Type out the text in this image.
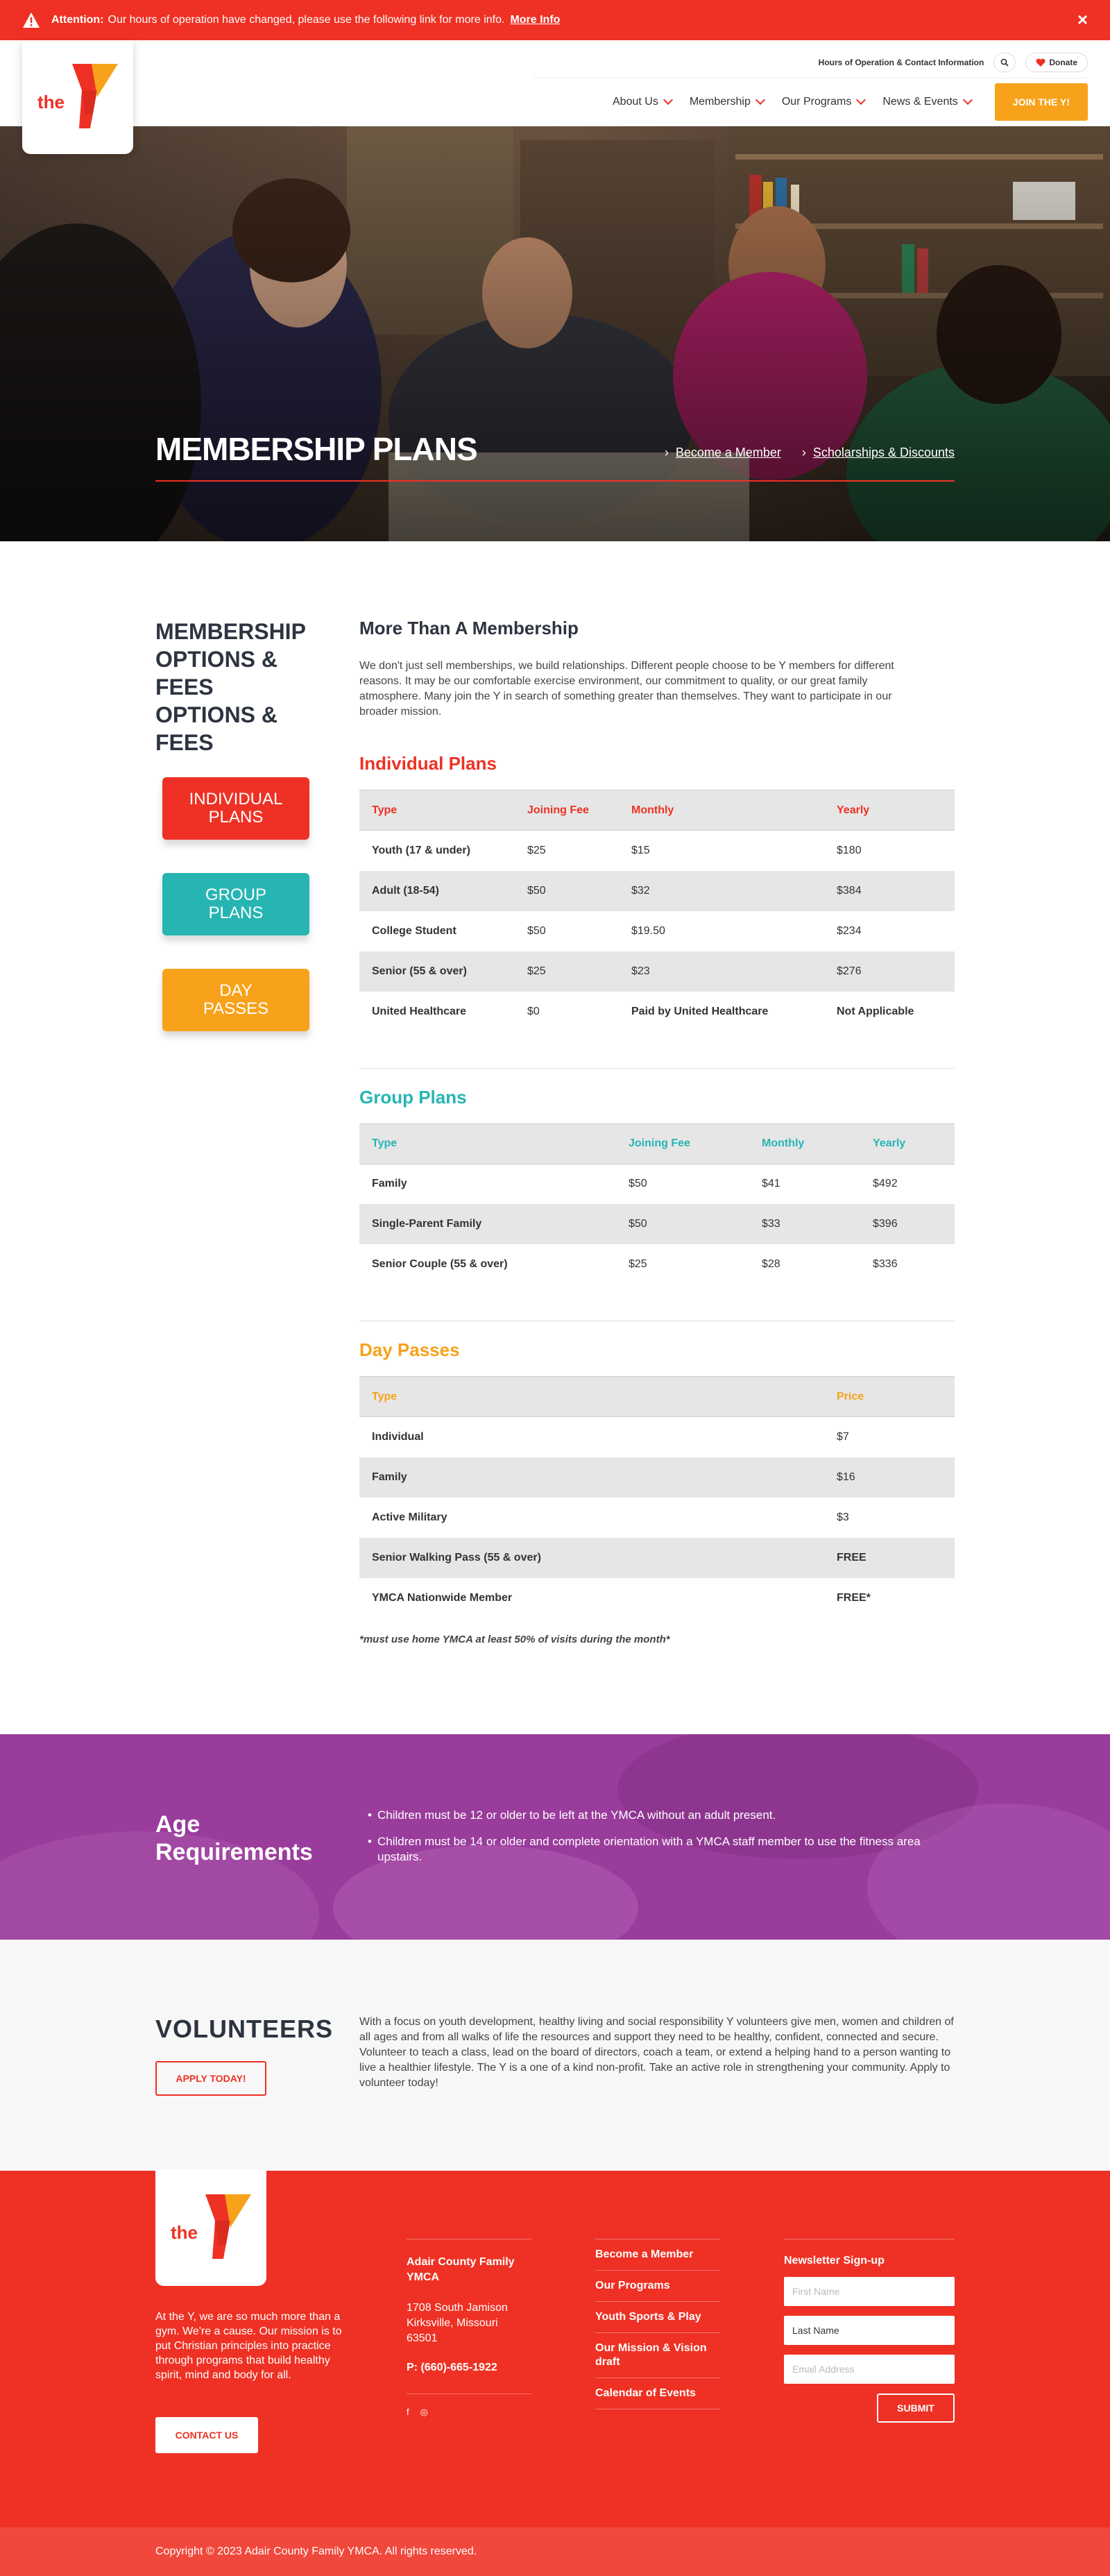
Attention: Our hours of operation have changed, please use the following link for more info. More Info	×
Hours of Operation & Contact Information	Donate
About Us	Membership	Our Programs	News & Events	JOIN THE Y!
the
MEMBERSHIP PLANS	› Become a Member	› Scholarships & Discounts
MEMBERSHIP
OPTIONS & FEES
OPTIONS & FEES
INDIVIDUAL
PLANS
GROUP
PLANS
DAY
PASSES
More Than A Membership

We don't just sell memberships, we build relationships. Different people choose to be Y members for different reasons. It may be our comfortable exercise environment, our commitment to quality, or our great family atmosphere. Many join the Y in search of something greater than themselves. They want to participate in our broader mission.

Individual Plans
Type	Joining Fee	Monthly	Yearly
Youth (17 & under)	$25	$15	$180
Adult (18-54)	$50	$32	$384
College Student	$50	$19.50	$234
Senior (55 & over)	$25	$23	$276
United Healthcare	$0	Paid by United Healthcare	Not Applicable
Group Plans
Type	Joining Fee	Monthly	Yearly
Family	$50	$41	$492
Single-Parent Family	$50	$33	$396
Senior Couple (55 & over)	$25	$28	$336
Day Passes
Type	Price
Individual	$7
Family	$16
Active Military	$3
Senior Walking Pass (55 & over)	FREE
YMCA Nationwide Member	FREE*

*must use home YMCA at least 50% of visits during the month*

Age
Requirements
• Children must be 12 or older to be left at the YMCA without an adult present.
• Children must be 14 or older and complete orientation with a YMCA staff member to use the fitness area upstairs.
VOLUNTEERS
APPLY TODAY!

With a focus on youth development, healthy living and social responsibility Y volunteers give men, women and children of all ages and from all walks of life the resources and support they need to be healthy, confident, connected and secure. Volunteer to teach a class, lead on the board of directors, coach a team, or extend a helping hand to a person wanting to live a healthier lifestyle. The Y is a one of a kind non-profit. Take an active role in strengthening your community. Apply to volunteer today!

the

At the Y, we are so much more than a gym. We're a cause. Our mission is to put Christian principles into practice through programs that build healthy spirit, mind and body for all.

CONTACT US
Adair County Family YMCA
1708 South Jamison
Kirksville, Missouri
63501
P: (660)-665-1922
f ◎
Become a Member
Our Programs
Youth Sports & Play
Our Mission & Vision draft
Calendar of Events
Newsletter Sign-up
First Name
Last Name
Email Address
SUBMIT
Copyright © 2023 Adair County Family YMCA. All rights reserved.
